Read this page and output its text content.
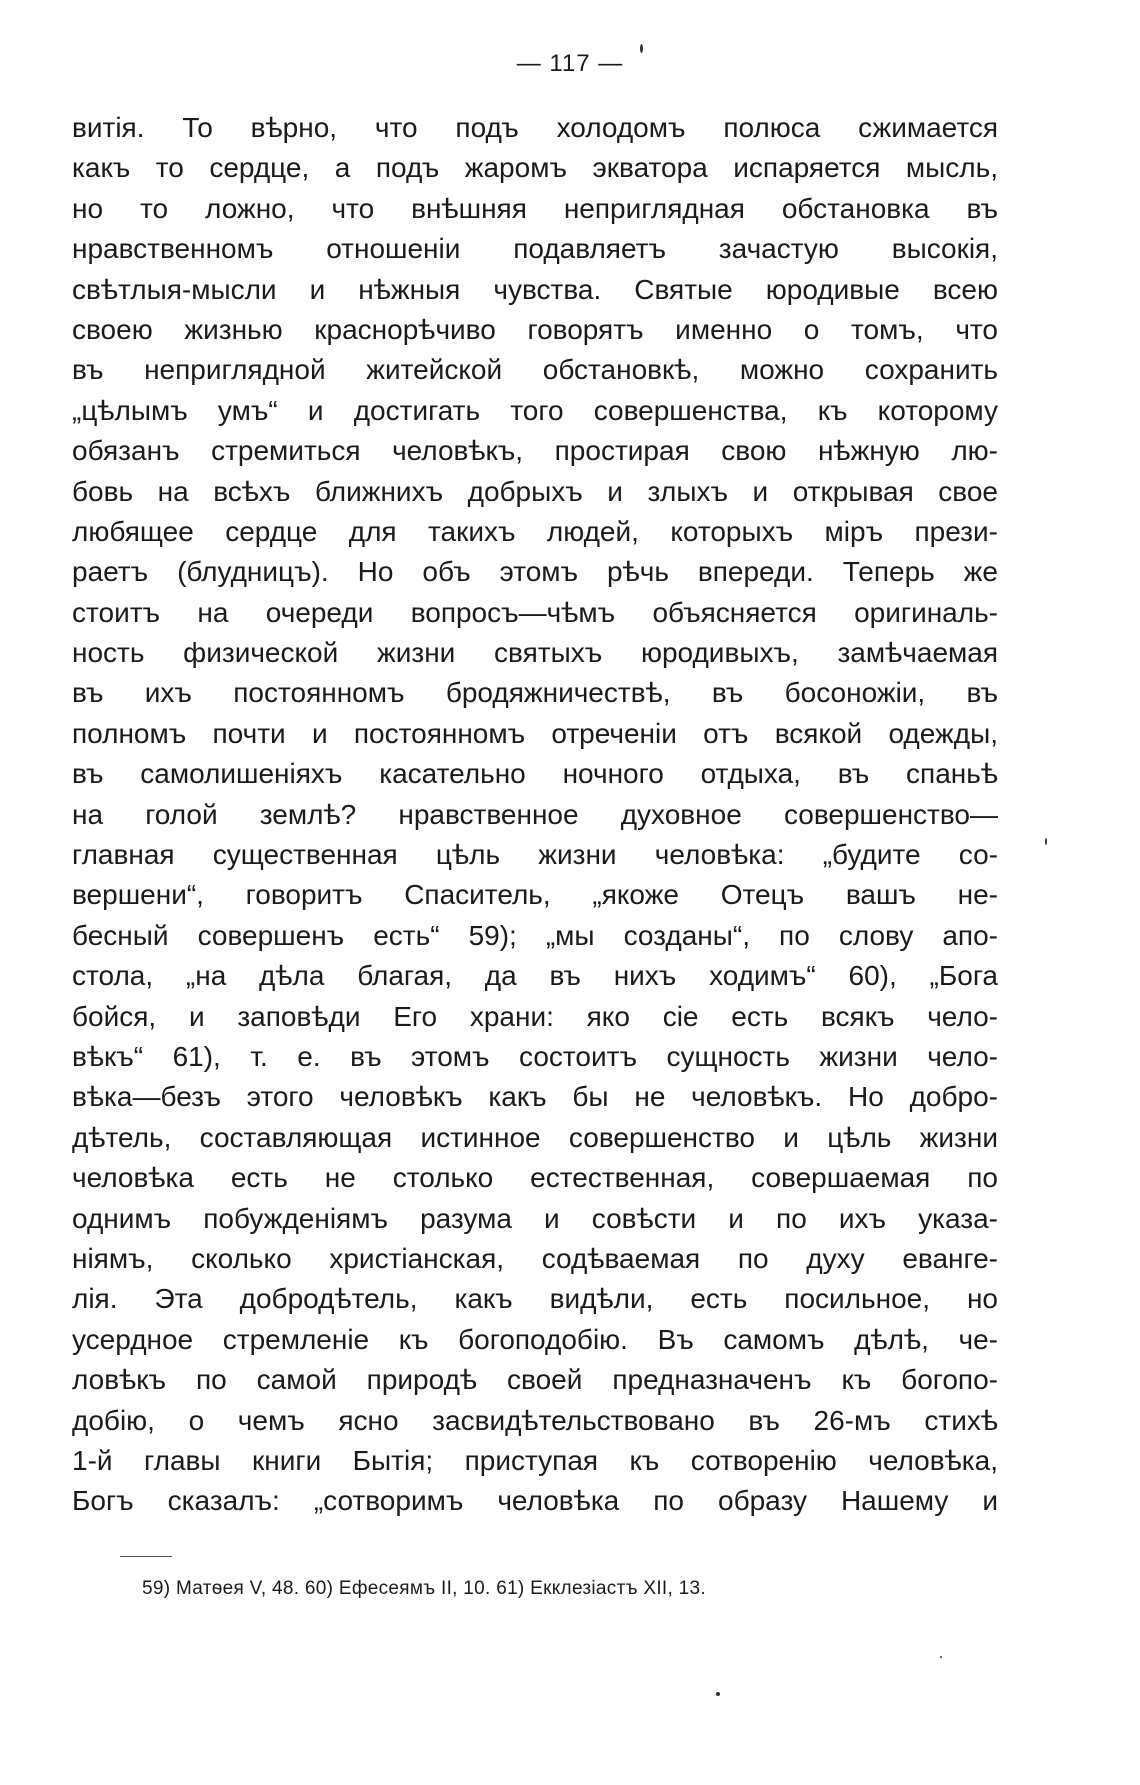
— 117 —
витія. То вѣрно, что подъ холодомъ полюса сжимается
какъ то сердце, а подъ жаромъ экватора испаряется мысль,
но то ложно, что внѣшняя неприглядная обстановка въ
нравственномъ отношеніи подавляетъ зачастую высокія,
свѣтлыя-мысли и нѣжныя чувства. Святые юродивые всею
своею жизнью краснорѣчиво говорятъ именно о томъ, что
въ неприглядной житейской обстановкѣ, можно сохранить
„цѣлымъ умъ“ и достигать того совершенства, къ которому
обязанъ стремиться человѣкъ, простирая свою нѣжную лю-
бовь на всѣхъ ближнихъ добрыхъ и злыхъ и открывая свое
любящее сердце для такихъ людей, которыхъ міръ прези-
раетъ (блудницъ). Но объ этомъ рѣчь впереди. Теперь же
стоитъ на очереди вопросъ—чѣмъ объясняется оригиналь-
ность физической жизни святыхъ юродивыхъ, замѣчаемая
въ ихъ постоянномъ бродяжничествѣ, въ босоножіи, въ
полномъ почти и постоянномъ отреченіи отъ всякой одежды,
въ самолишеніяхъ касательно ночного отдыха, въ спаньѣ
на голой землѣ? нравственное духовное совершенство—
главная существенная цѣль жизни человѣка: „будите со-
вершени“, говоритъ Спаситель, „якоже Отецъ вашъ не-
бесный совершенъ есть“ 59); „мы созданы“, по слову апо-
стола, „на дѣла благая, да въ нихъ ходимъ“ 60), „Бога
бойся, и заповѣди Его храни: яко сіе есть всякъ чело-
вѣкъ“ 61), т. е. въ этомъ состоитъ сущность жизни чело-
вѣка—безъ этого человѣкъ какъ бы не человѣкъ. Но добро-
дѣтель, составляющая истинное совершенство и цѣль жизни
человѣка есть не столько естественная, совершаемая по
однимъ побужденіямъ разума и совѣсти и по ихъ указа-
ніямъ, сколько христіанская, содѣваемая по духу еванге-
лія. Эта добродѣтель, какъ видѣли, есть посильное, но
усердное стремленіе къ богоподобію. Въ самомъ дѣлѣ, че-
ловѣкъ по самой природѣ своей предназначенъ къ богопо-
добію, о чемъ ясно засвидѣтельствовано въ 26-мъ стихѣ
1-й главы книги Бытія; приступая къ сотворенію человѣка,
Богъ сказалъ: „сотворимъ человѣка по образу Нашему и
59) Матѳея V, 48. 60) Ефесеямъ II, 10. 61) Екклезіастъ XII, 13.
